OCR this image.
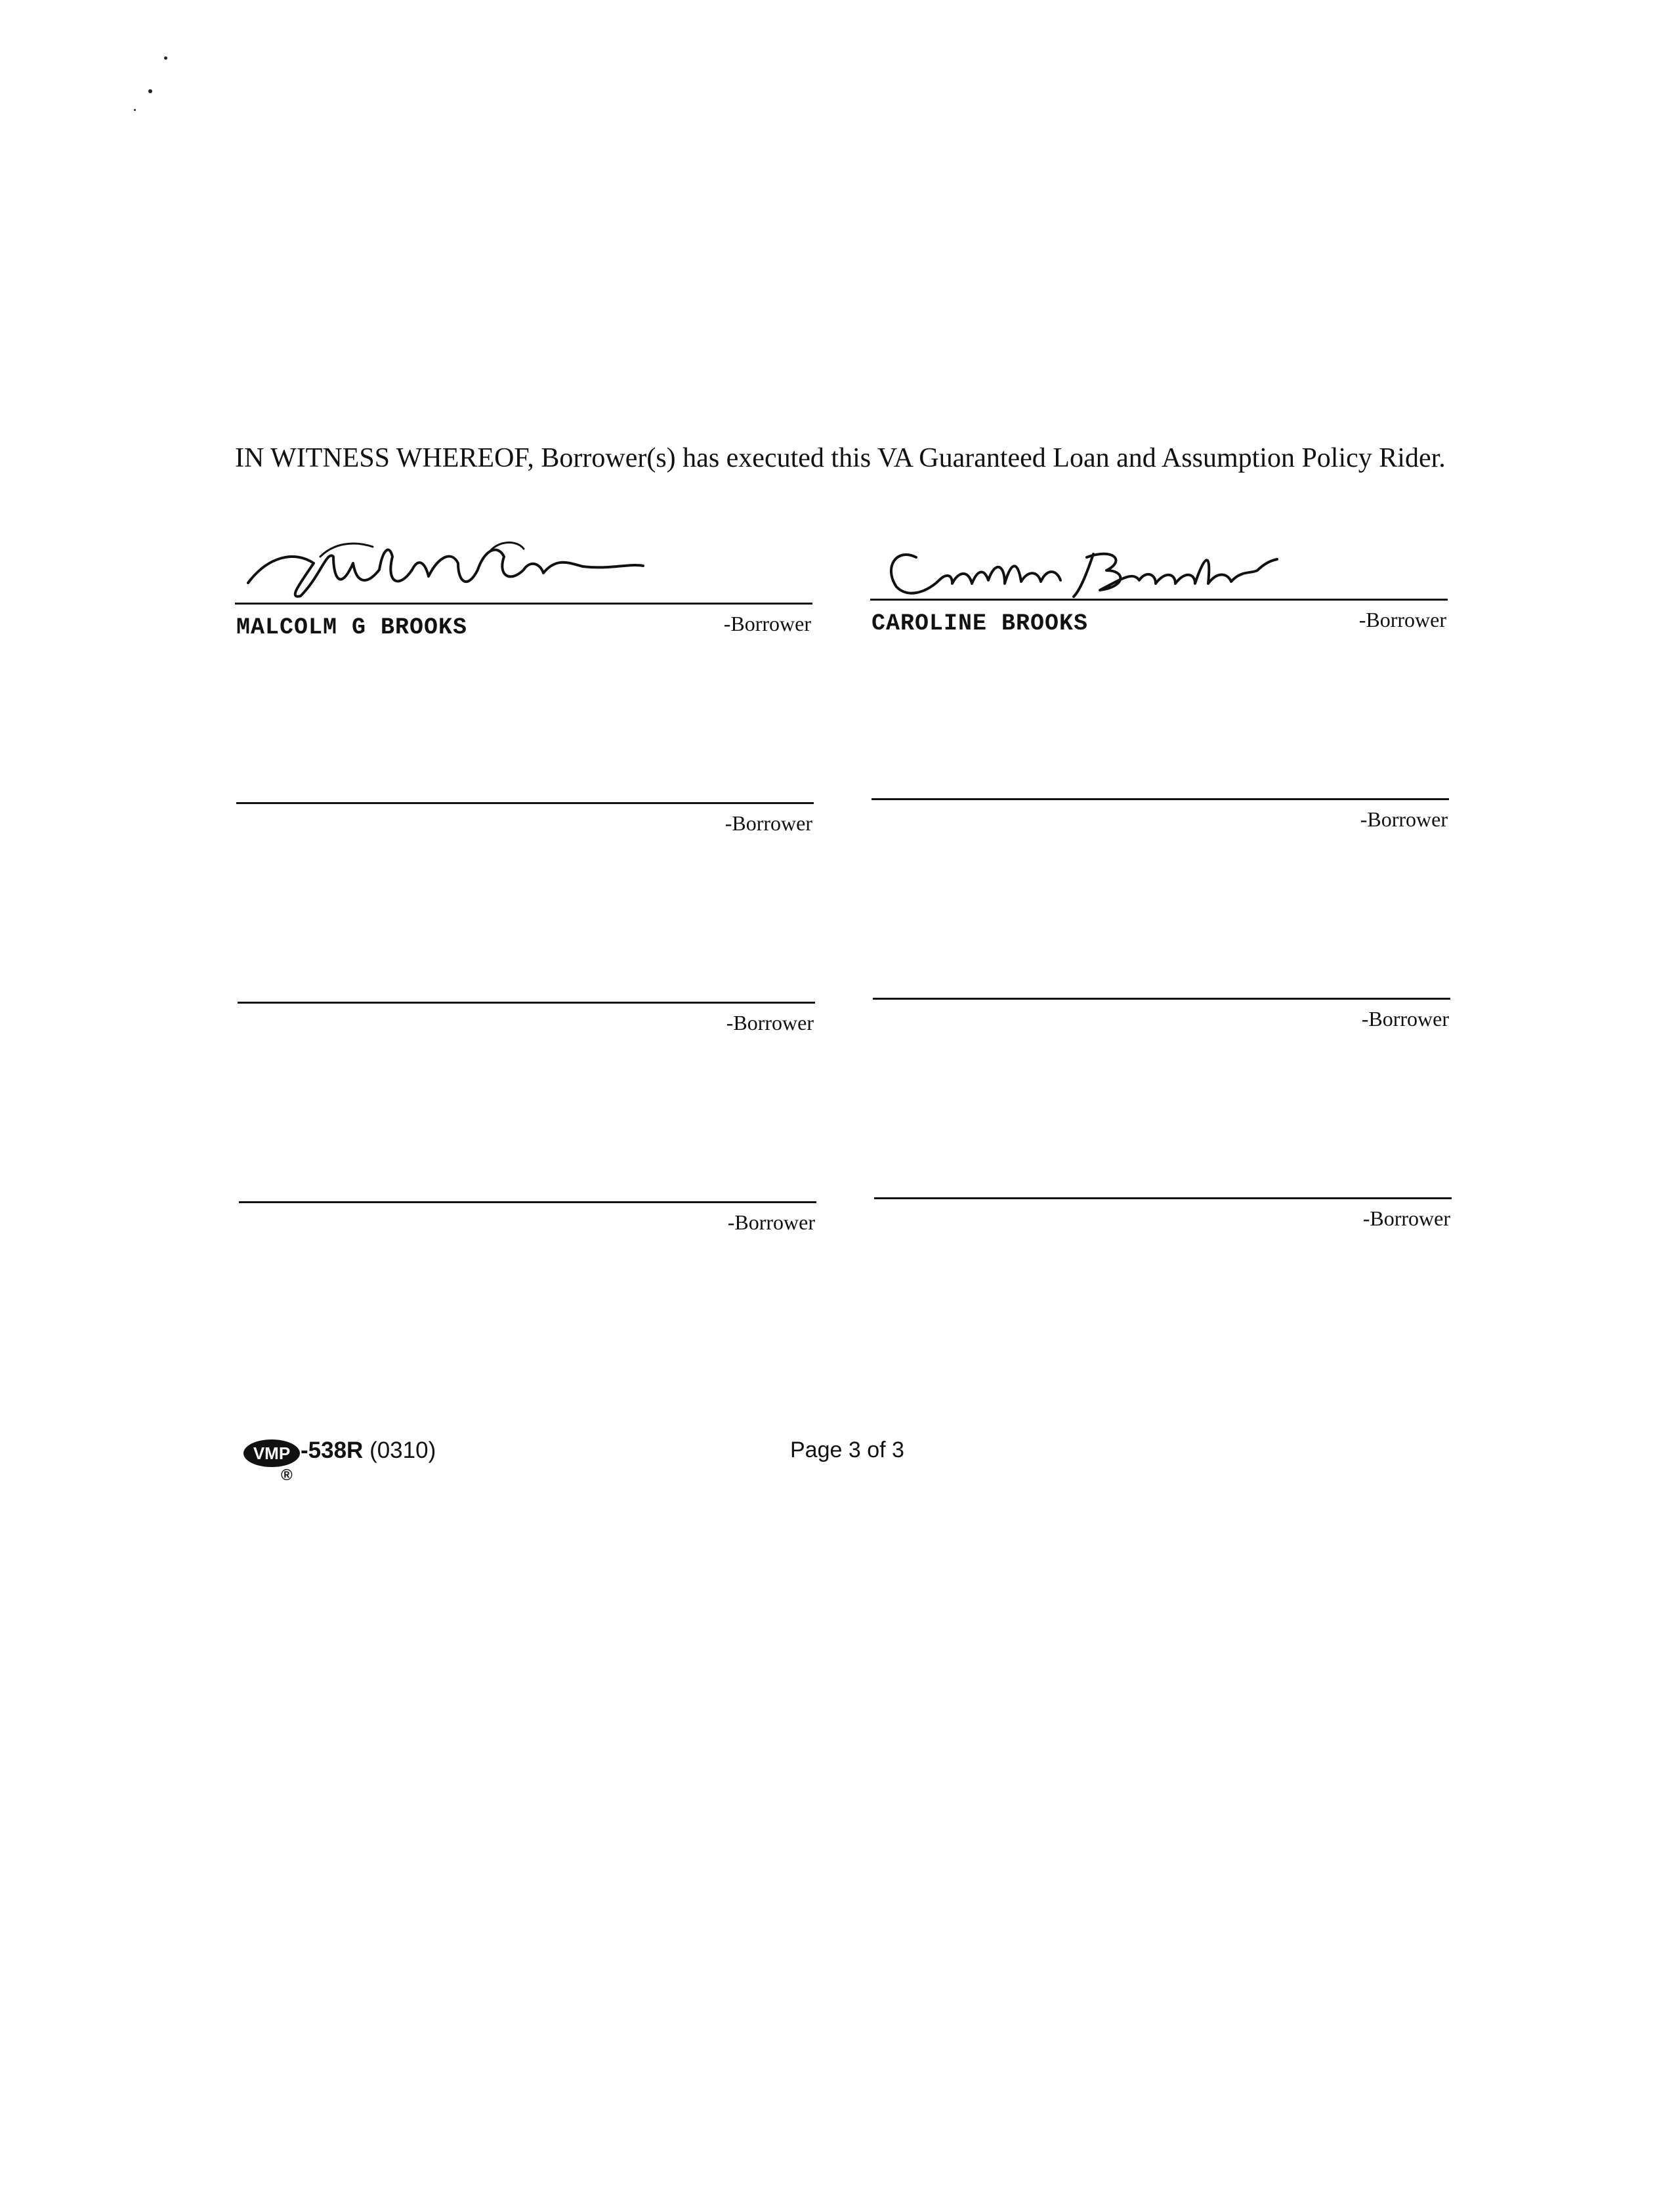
IN WITNESS WHEREOF, Borrower(s) has executed this VA Guaranteed Loan and Assumption Policy Rider.

MALCOLM G BROOKS	-Borrower	CAROLINE BROOKS	-Borrower
-Borrower	-Borrower
-Borrower	-Borrower
-Borrower	-Borrower
VMP
®
-538R (0310)	Page 3 of 3
